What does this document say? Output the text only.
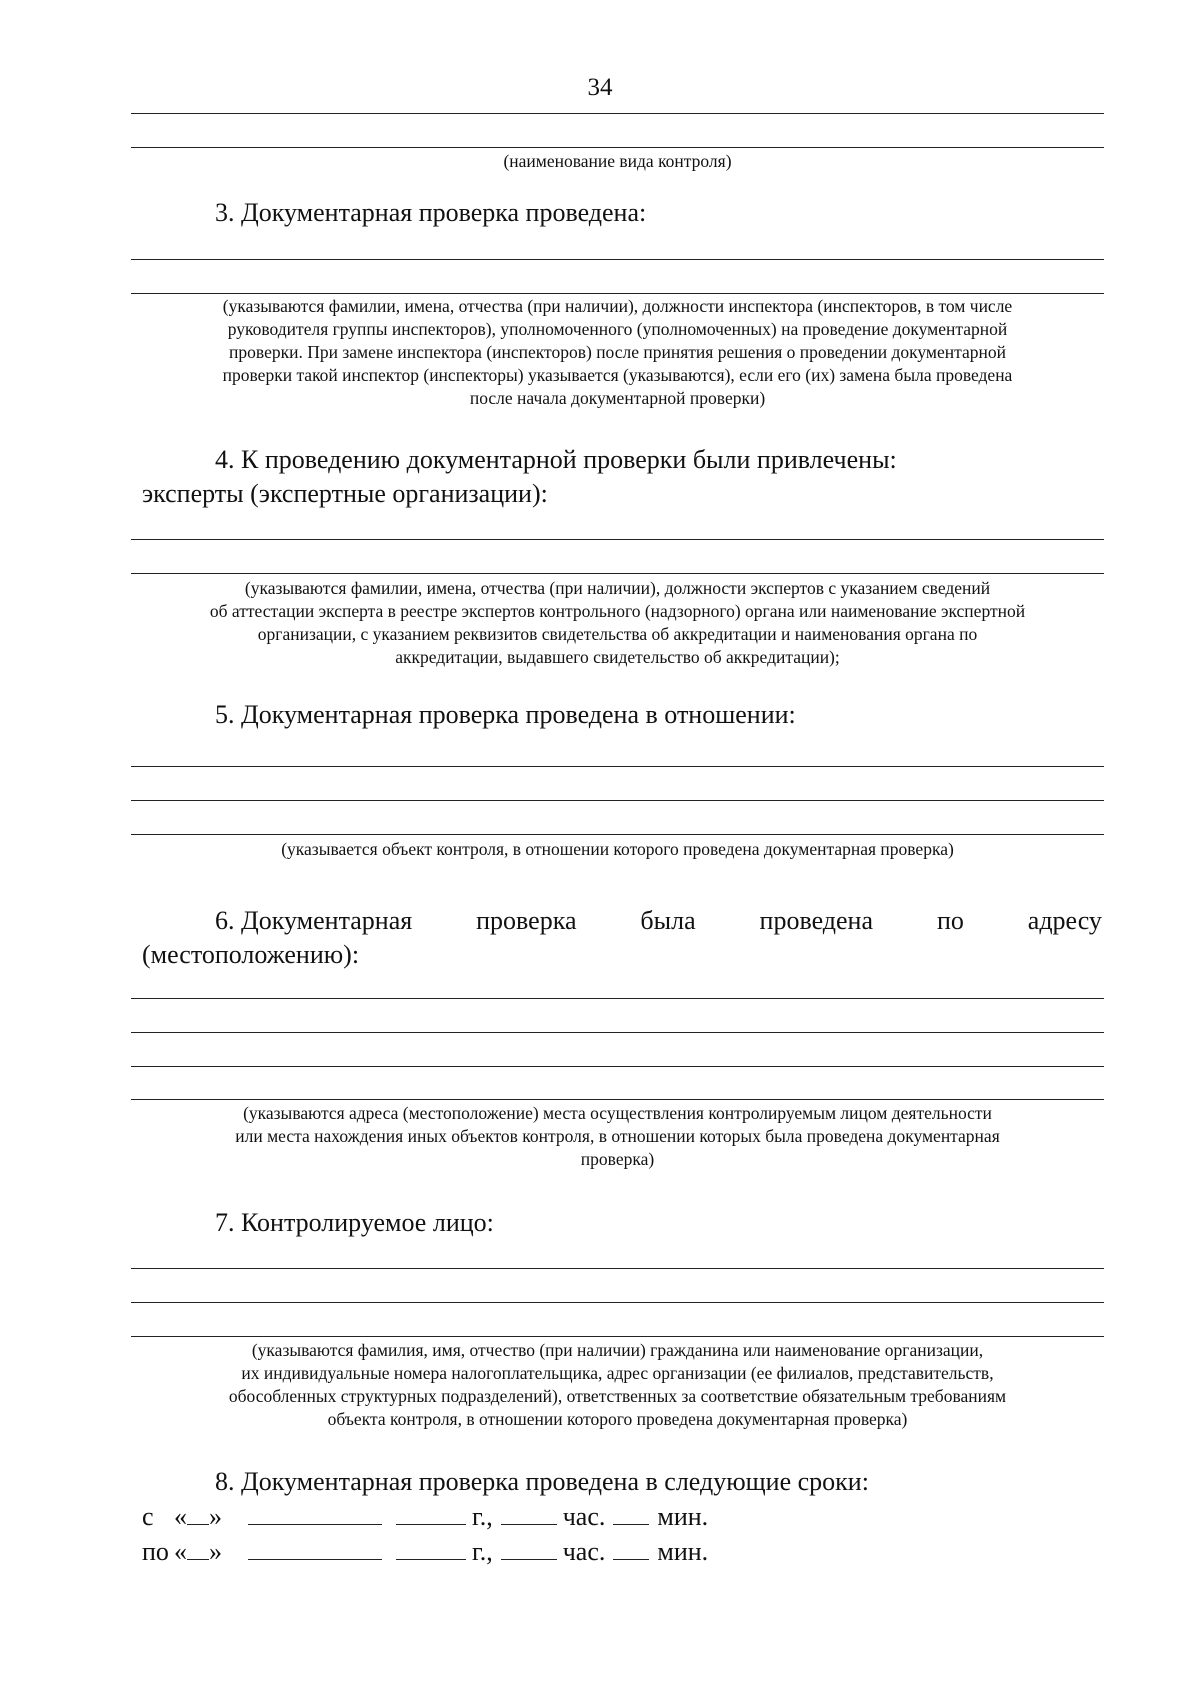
34
(наименование вида контроля)
3. Документарная проверка проведена:
(указываются фамилии, имена, отчества (при наличии), должности инспектора (инспекторов, в том числе
руководителя группы инспекторов), уполномоченного (уполномоченных) на проведение документарной
проверки. При замене инспектора (инспекторов) после принятия решения о проведении документарной
проверки такой инспектор (инспекторы) указывается (указываются), если его (их) замена была проведена
после начала документарной проверки)
4. К проведению документарной проверки были привлечены:
эксперты (экспертные организации):
(указываются фамилии, имена, отчества (при наличии), должности экспертов с указанием сведений
об аттестации эксперта в реестре экспертов контрольного (надзорного) органа или наименование экспертной
организации, с указанием реквизитов свидетельства об аккредитации и наименования органа по
аккредитации, выдавшего свидетельство об аккредитации);
5. Документарная проверка проведена в отношении:
(указывается объект контроля, в отношении которого проведена документарная проверка)
6. Документарная проверка была проведена по адресу
(местоположению):
(указываются адреса (местоположение) места осуществления контролируемым лицом деятельности
или места нахождения иных объектов контроля, в отношении которых была проведена документарная
проверка)
7. Контролируемое лицо:
(указываются фамилия, имя, отчество (при наличии) гражданина или наименование организации,
их индивидуальные номера налогоплательщика, адрес организации (ее филиалов, представительств,
обособленных структурных подразделений), ответственных за соответствие обязательным требованиям
объекта контроля, в отношении которого проведена документарная проверка)
8. Документарная проверка проведена в следующие сроки:
с « »	г.,	час. мин.
по « »	г.,	час. мин.
